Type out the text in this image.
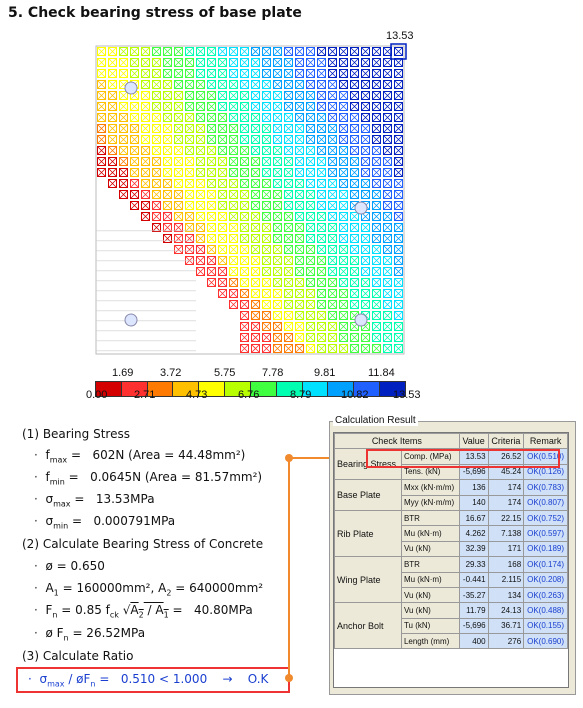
5. Check bearing stress of base plate
13.53
1.69 3.72	5.75 7.78	9.81	11.84
0.00 2.71	4.73	6.76	8.79	10.82 13.53
(1) Bearing Stress
·  $f_{max} = 602N$ (Area = 44.48mm²)
·  $f_{min} = 0.0645N$ (Area = 81.57mm²)
·  $\sigma_{max} = 13.53MPa$
·  $\sigma_{min} = 0.000791MPa$
(2) Calculate Bearing Stress of Concrete
· ø = 0.650
·  $A_1 = 160000mm^2$, $A_2 = 640000mm^2$
·  $F_n = 0.85$ $f_{ck}$ $√A_2 / A_1 = 40.80MPa$
· ø $F_n = 26.52MPa$
(3) Calculate Ratio
·  $\sigma_{max}$ / $øF_n = 0.510 < 1.000$    →    O.K
Calculation Result
Check Items		Value	Criteria	Remark
Bearing Stress	Comp. (MPa)	13.53	26.52	OK(0.510)
	Tens. (kN)	-5,696	45.24	OK(0.126)
Base Plate	Mxx (kN·m/m)	136	174	OK(0.783)
	Myy (kN·m/m)	140	174	OK(0.807)
Rib Plate	BTR	16.67	22.15	OK(0.752)
	Mu (kN·m)	4.262	7.138	OK(0.597)
	Vu (kN)	32.39	171	OK(0.189)
Wing Plate	BTR	29.33	168	OK(0.174)
	Mu (kN·m)	-0.441	2.115	OK(0.208)
	Vu (kN)	-35.27	134	OK(0.263)
Anchor Bolt	Vu (kN)	11.79	24.13	OK(0.488)
	Tu (kN)	-5,696	36.71	OK(0.155)
	Length (mm)	400	276	OK(0.690)
